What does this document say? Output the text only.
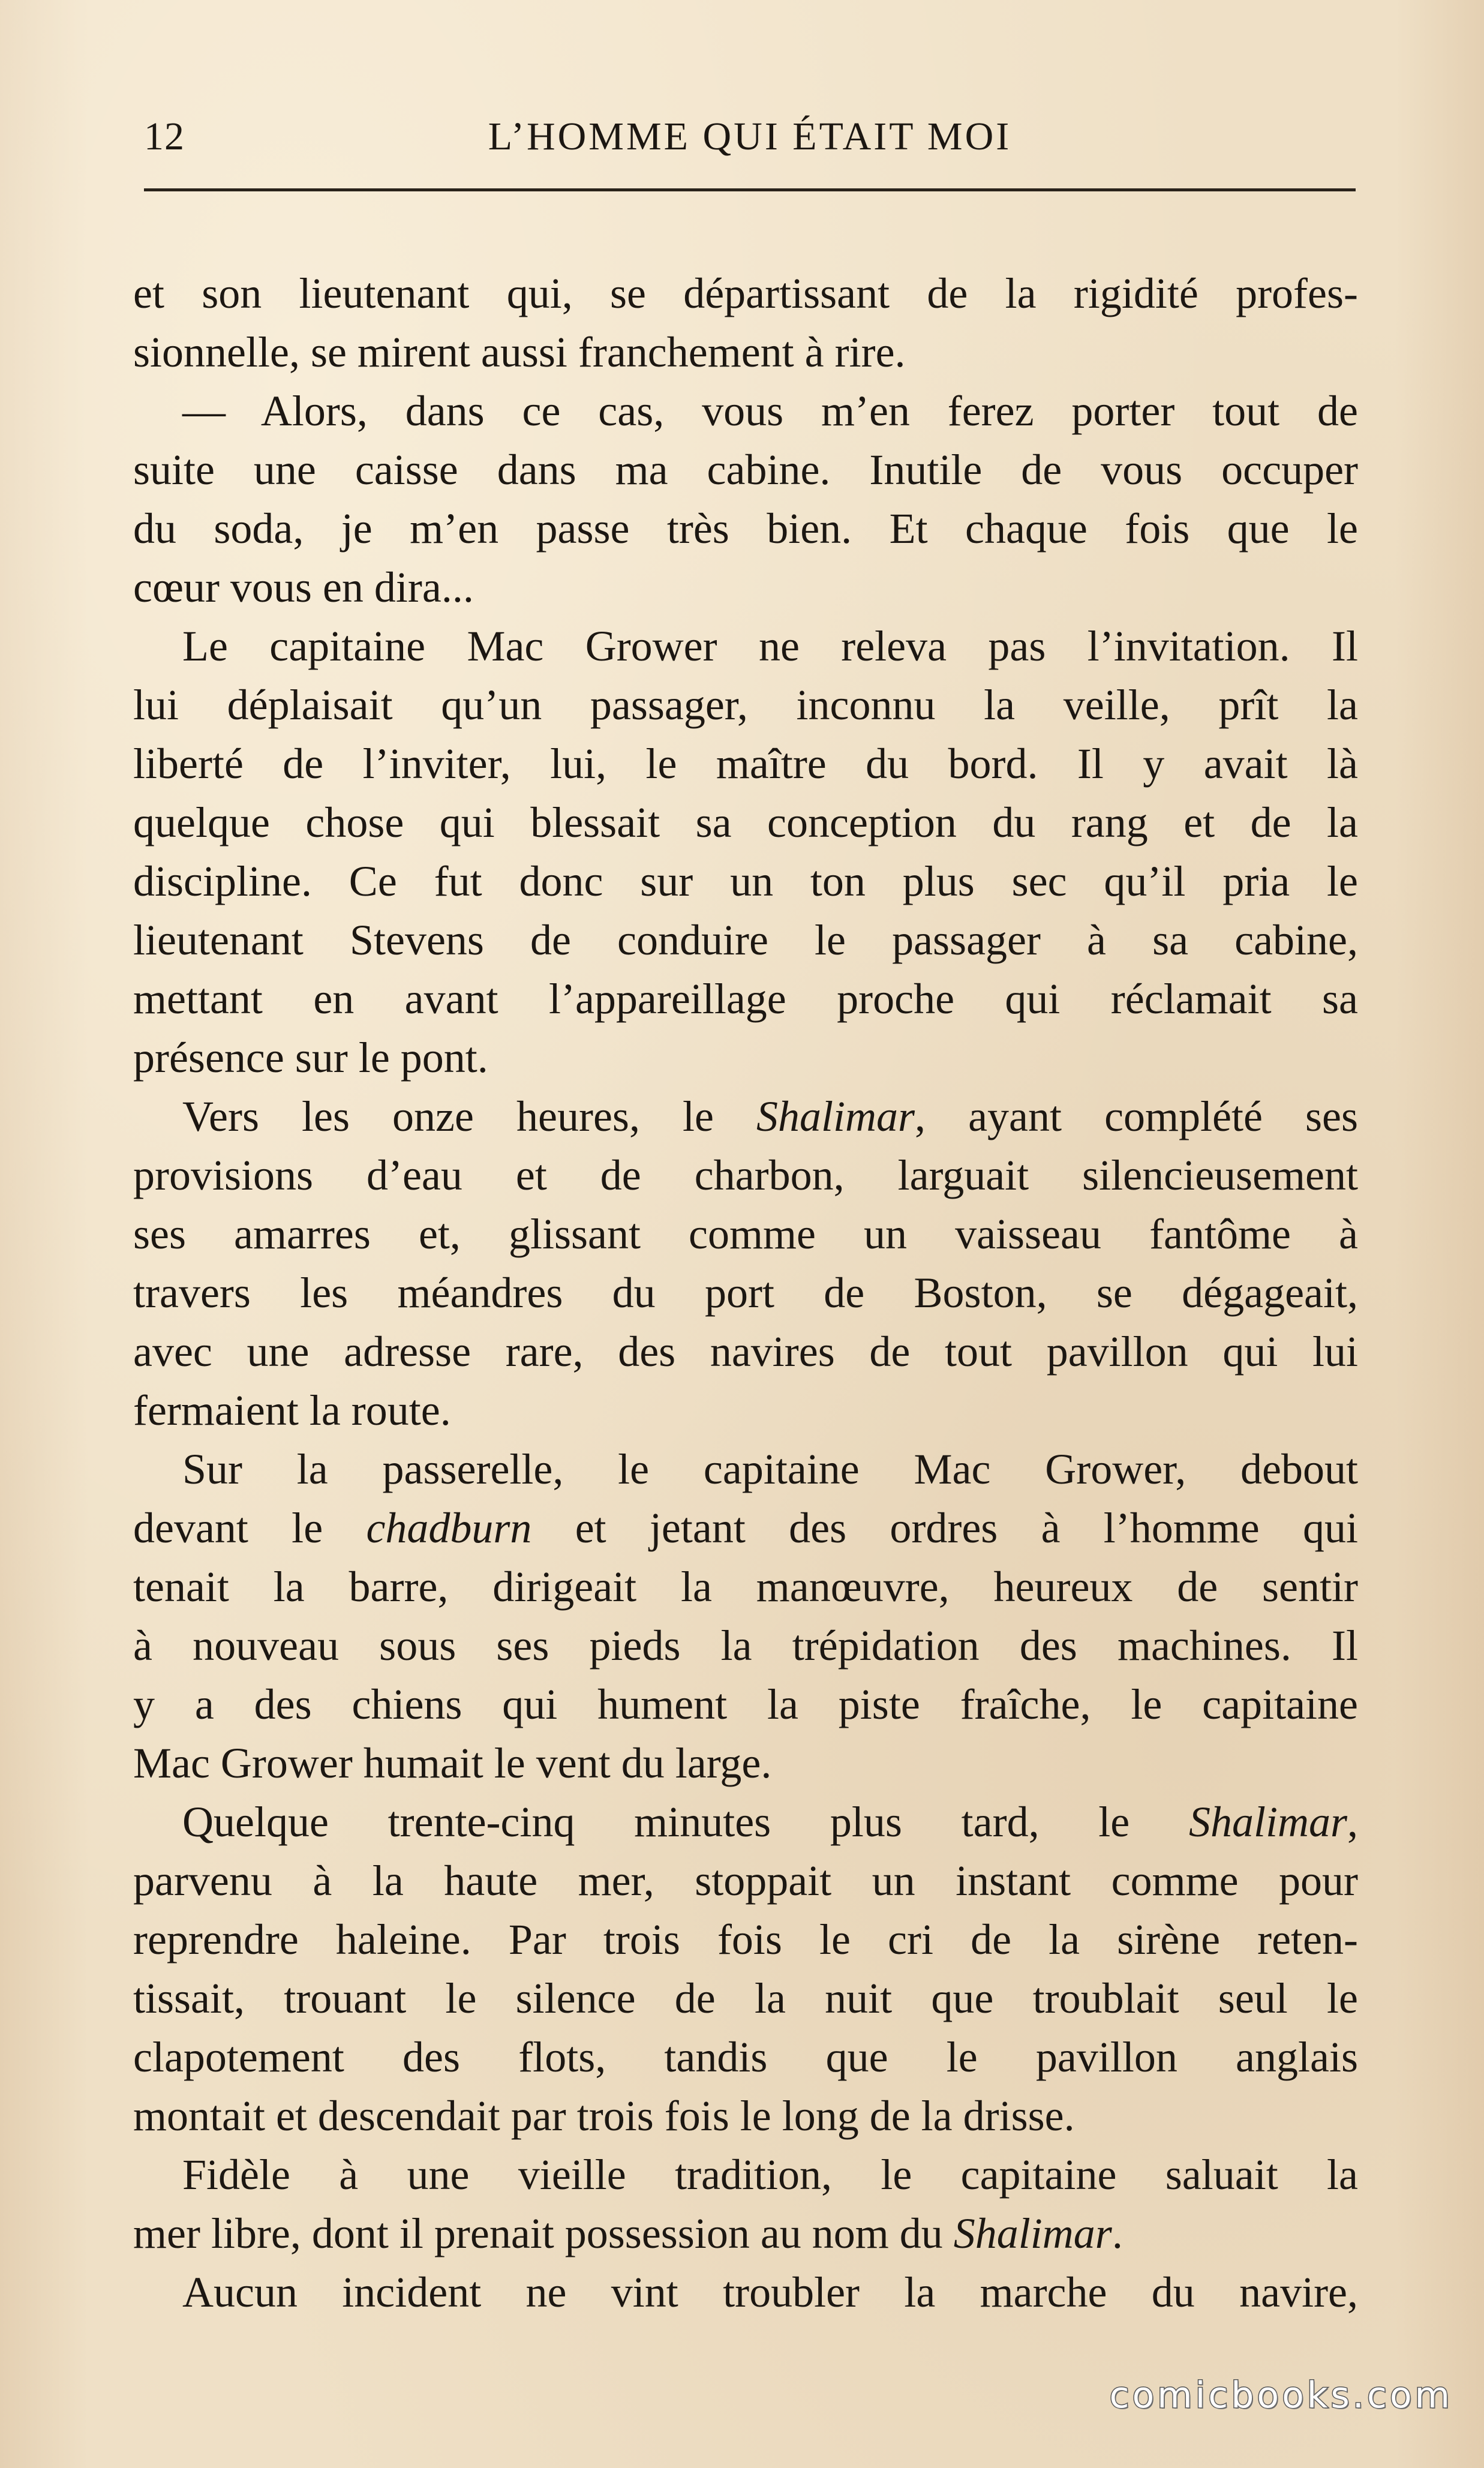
12	L’HOMME QUI ÉTAIT MOI
et son lieutenant qui, se départissant de la rigidité profes-
sionnelle, se mirent aussi franchement à rire.
— Alors, dans ce cas, vous m’en ferez porter tout de
suite une caisse dans ma cabine. Inutile de vous occuper
du soda, je m’en passe très bien. Et chaque fois que le
cœur vous en dira...
Le capitaine Mac Grower ne releva pas l’invitation. Il
lui déplaisait qu’un passager, inconnu la veille, prît la
liberté de l’inviter, lui, le maître du bord. Il y avait là
quelque chose qui blessait sa conception du rang et de la
discipline. Ce fut donc sur un ton plus sec qu’il pria le
lieutenant Stevens de conduire le passager à sa cabine,
mettant en avant l’appareillage proche qui réclamait sa
présence sur le pont.
Vers les onze heures, le Shalimar, ayant complété ses
provisions d’eau et de charbon, larguait silencieusement
ses amarres et, glissant comme un vaisseau fantôme à
travers les méandres du port de Boston, se dégageait,
avec une adresse rare, des navires de tout pavillon qui lui
fermaient la route.
Sur la passerelle, le capitaine Mac Grower, debout
devant le chadburn et jetant des ordres à l’homme qui
tenait la barre, dirigeait la manœuvre, heureux de sentir
à nouveau sous ses pieds la trépidation des machines. Il
y a des chiens qui hument la piste fraîche, le capitaine
Mac Grower humait le vent du large.
Quelque trente-cinq minutes plus tard, le Shalimar,
parvenu à la haute mer, stoppait un instant comme pour
reprendre haleine. Par trois fois le cri de la sirène reten-
tissait, trouant le silence de la nuit que troublait seul le
clapotement des flots, tandis que le pavillon anglais
montait et descendait par trois fois le long de la drisse.
Fidèle à une vieille tradition, le capitaine saluait la
mer libre, dont il prenait possession au nom du Shalimar.
Aucun incident ne vint troubler la marche du navire,
comicbooks.com
